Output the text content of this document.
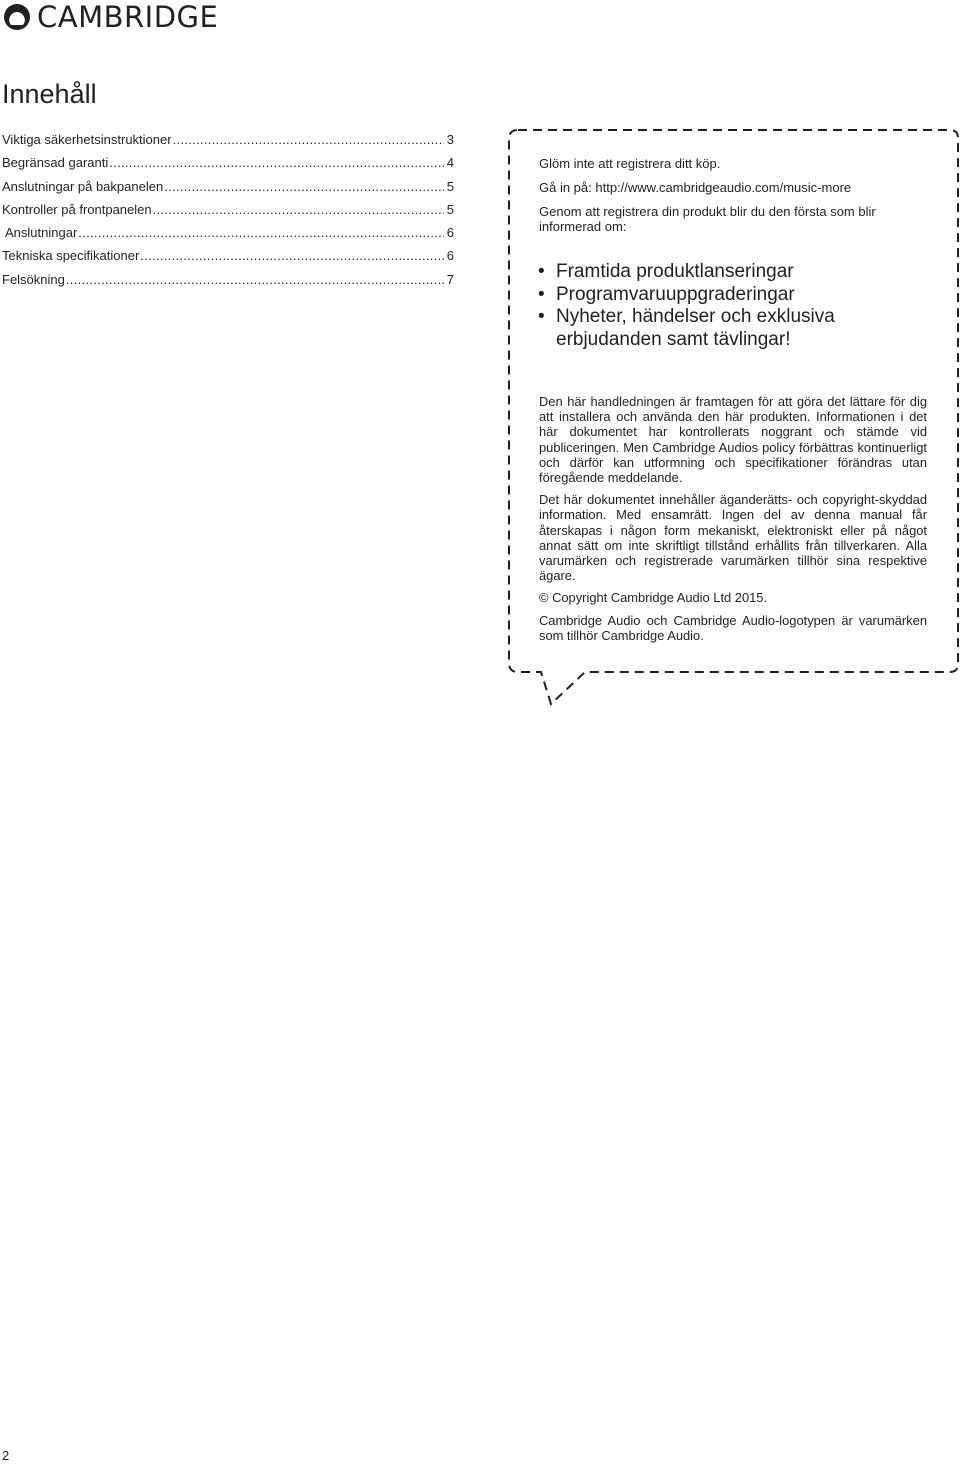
CAMBRIDGE
Innehåll
Viktiga säkerhetsinstruktioner .....	3
Begränsad garanti .....	4
Anslutningar på bakpanelen .....	5
Kontroller på frontpanelen .....	5
Anslutningar .....	6
Tekniska specifikationer .....	6
Felsökning .....	7

Glöm inte att registrera ditt köp.

Gå in på: http://www.cambridgeaudio.com/music-more

Genom att registrera din produkt blir du den första som blir informerad om:

• Framtida produktlanseringar
• Programvaruuppgraderingar
• Nyheter, händelser och exklusiva erbjudanden samt tävlingar!

Den här handledningen är framtagen för att göra det lättare för dig att installera och använda den här produkten. Informationen i det här dokumentet har kontrollerats noggrant och stämde vid publiceringen. Men Cambridge Audios policy förbättras kontinuerligt och därför kan utformning och specifikationer förändras utan föregående meddelande.

Det här dokumentet innehåller äganderätts- och copyright-skyddad information. Med ensamrätt. Ingen del av denna manual får återskapas i någon form mekaniskt, elektroniskt eller på något annat sätt om inte skriftligt tillstånd erhållits från tillverkaren. Alla varumärken och registrerade varumärken tillhör sina respektive ägare.

© Copyright Cambridge Audio Ltd 2015.

Cambridge Audio och Cambridge Audio-logotypen är varumärken som tillhör Cambridge Audio.

2
